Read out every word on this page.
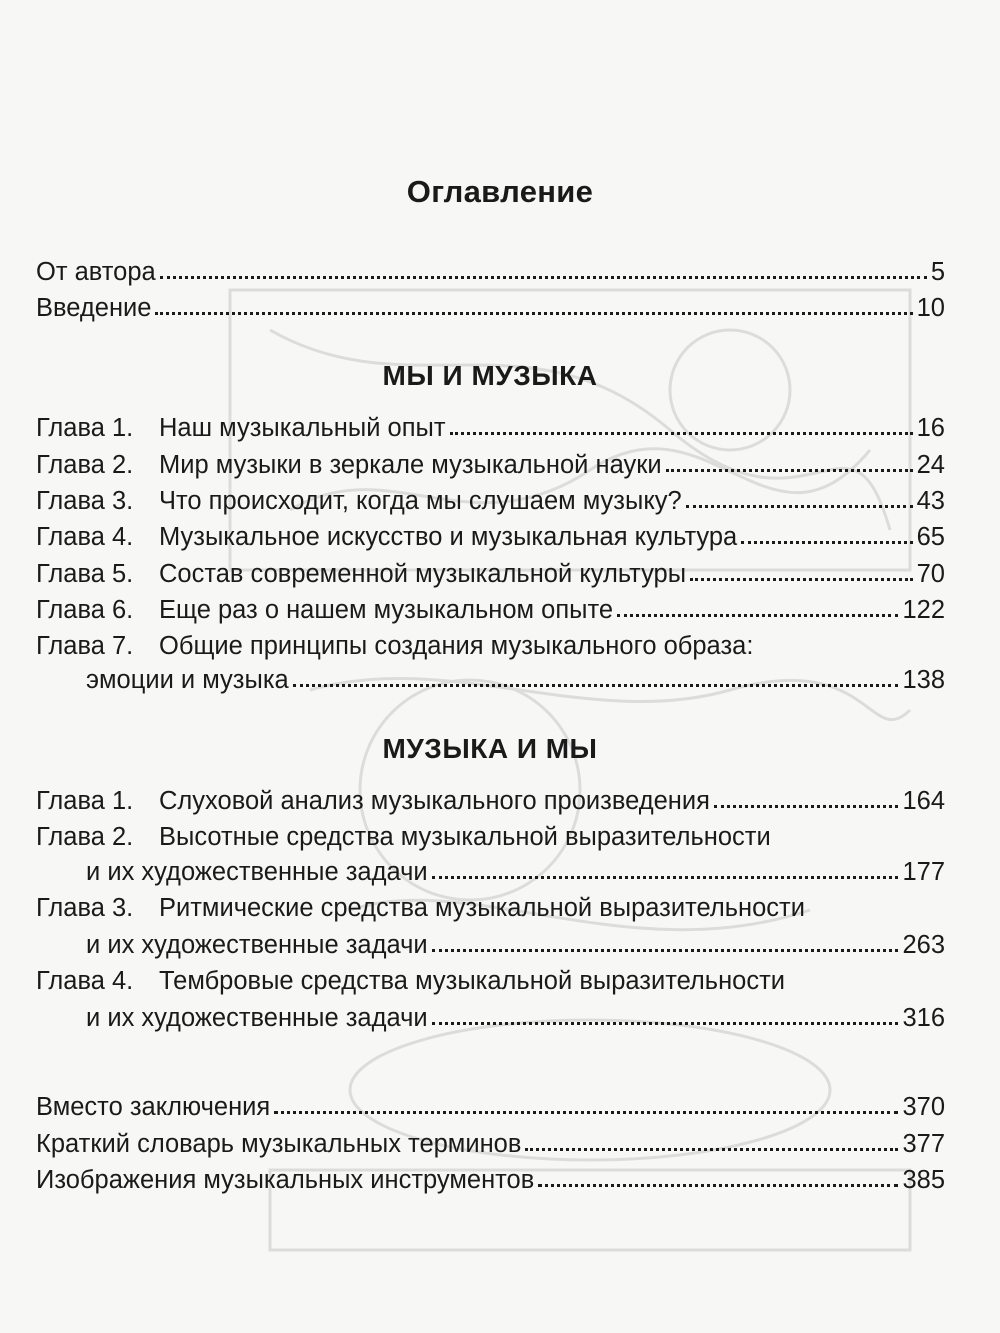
Оглавление
От автора	5
Введение	10
МЫ И МУЗЫКА
Глава 1. Наш музыкальный опыт	16
Глава 2. Мир музыки в зеркале музыкальной науки	24
Глава 3. Что происходит, когда мы слушаем музыку?	43
Глава 4. Музыкальное искусство и музыкальная культура	65
Глава 5. Состав современной музыкальной культуры	70
Глава 6. Еще раз о нашем музыкальном опыте	122
Глава 7. Общие принципы создания музыкального образа:
эмоции и музыка	138
МУЗЫКА И МЫ
Глава 1. Слуховой анализ музыкального произведения	164
Глава 2. Высотные средства музыкальной выразительности
и их художественные задачи	177
Глава 3. Ритмические средства музыкальной выразительности
и их художественные задачи	263
Глава 4. Тембровые средства музыкальной выразительности
и их художественные задачи	316
Вместо заключения	370
Краткий словарь музыкальных терминов	377
Изображения музыкальных инструментов	385
